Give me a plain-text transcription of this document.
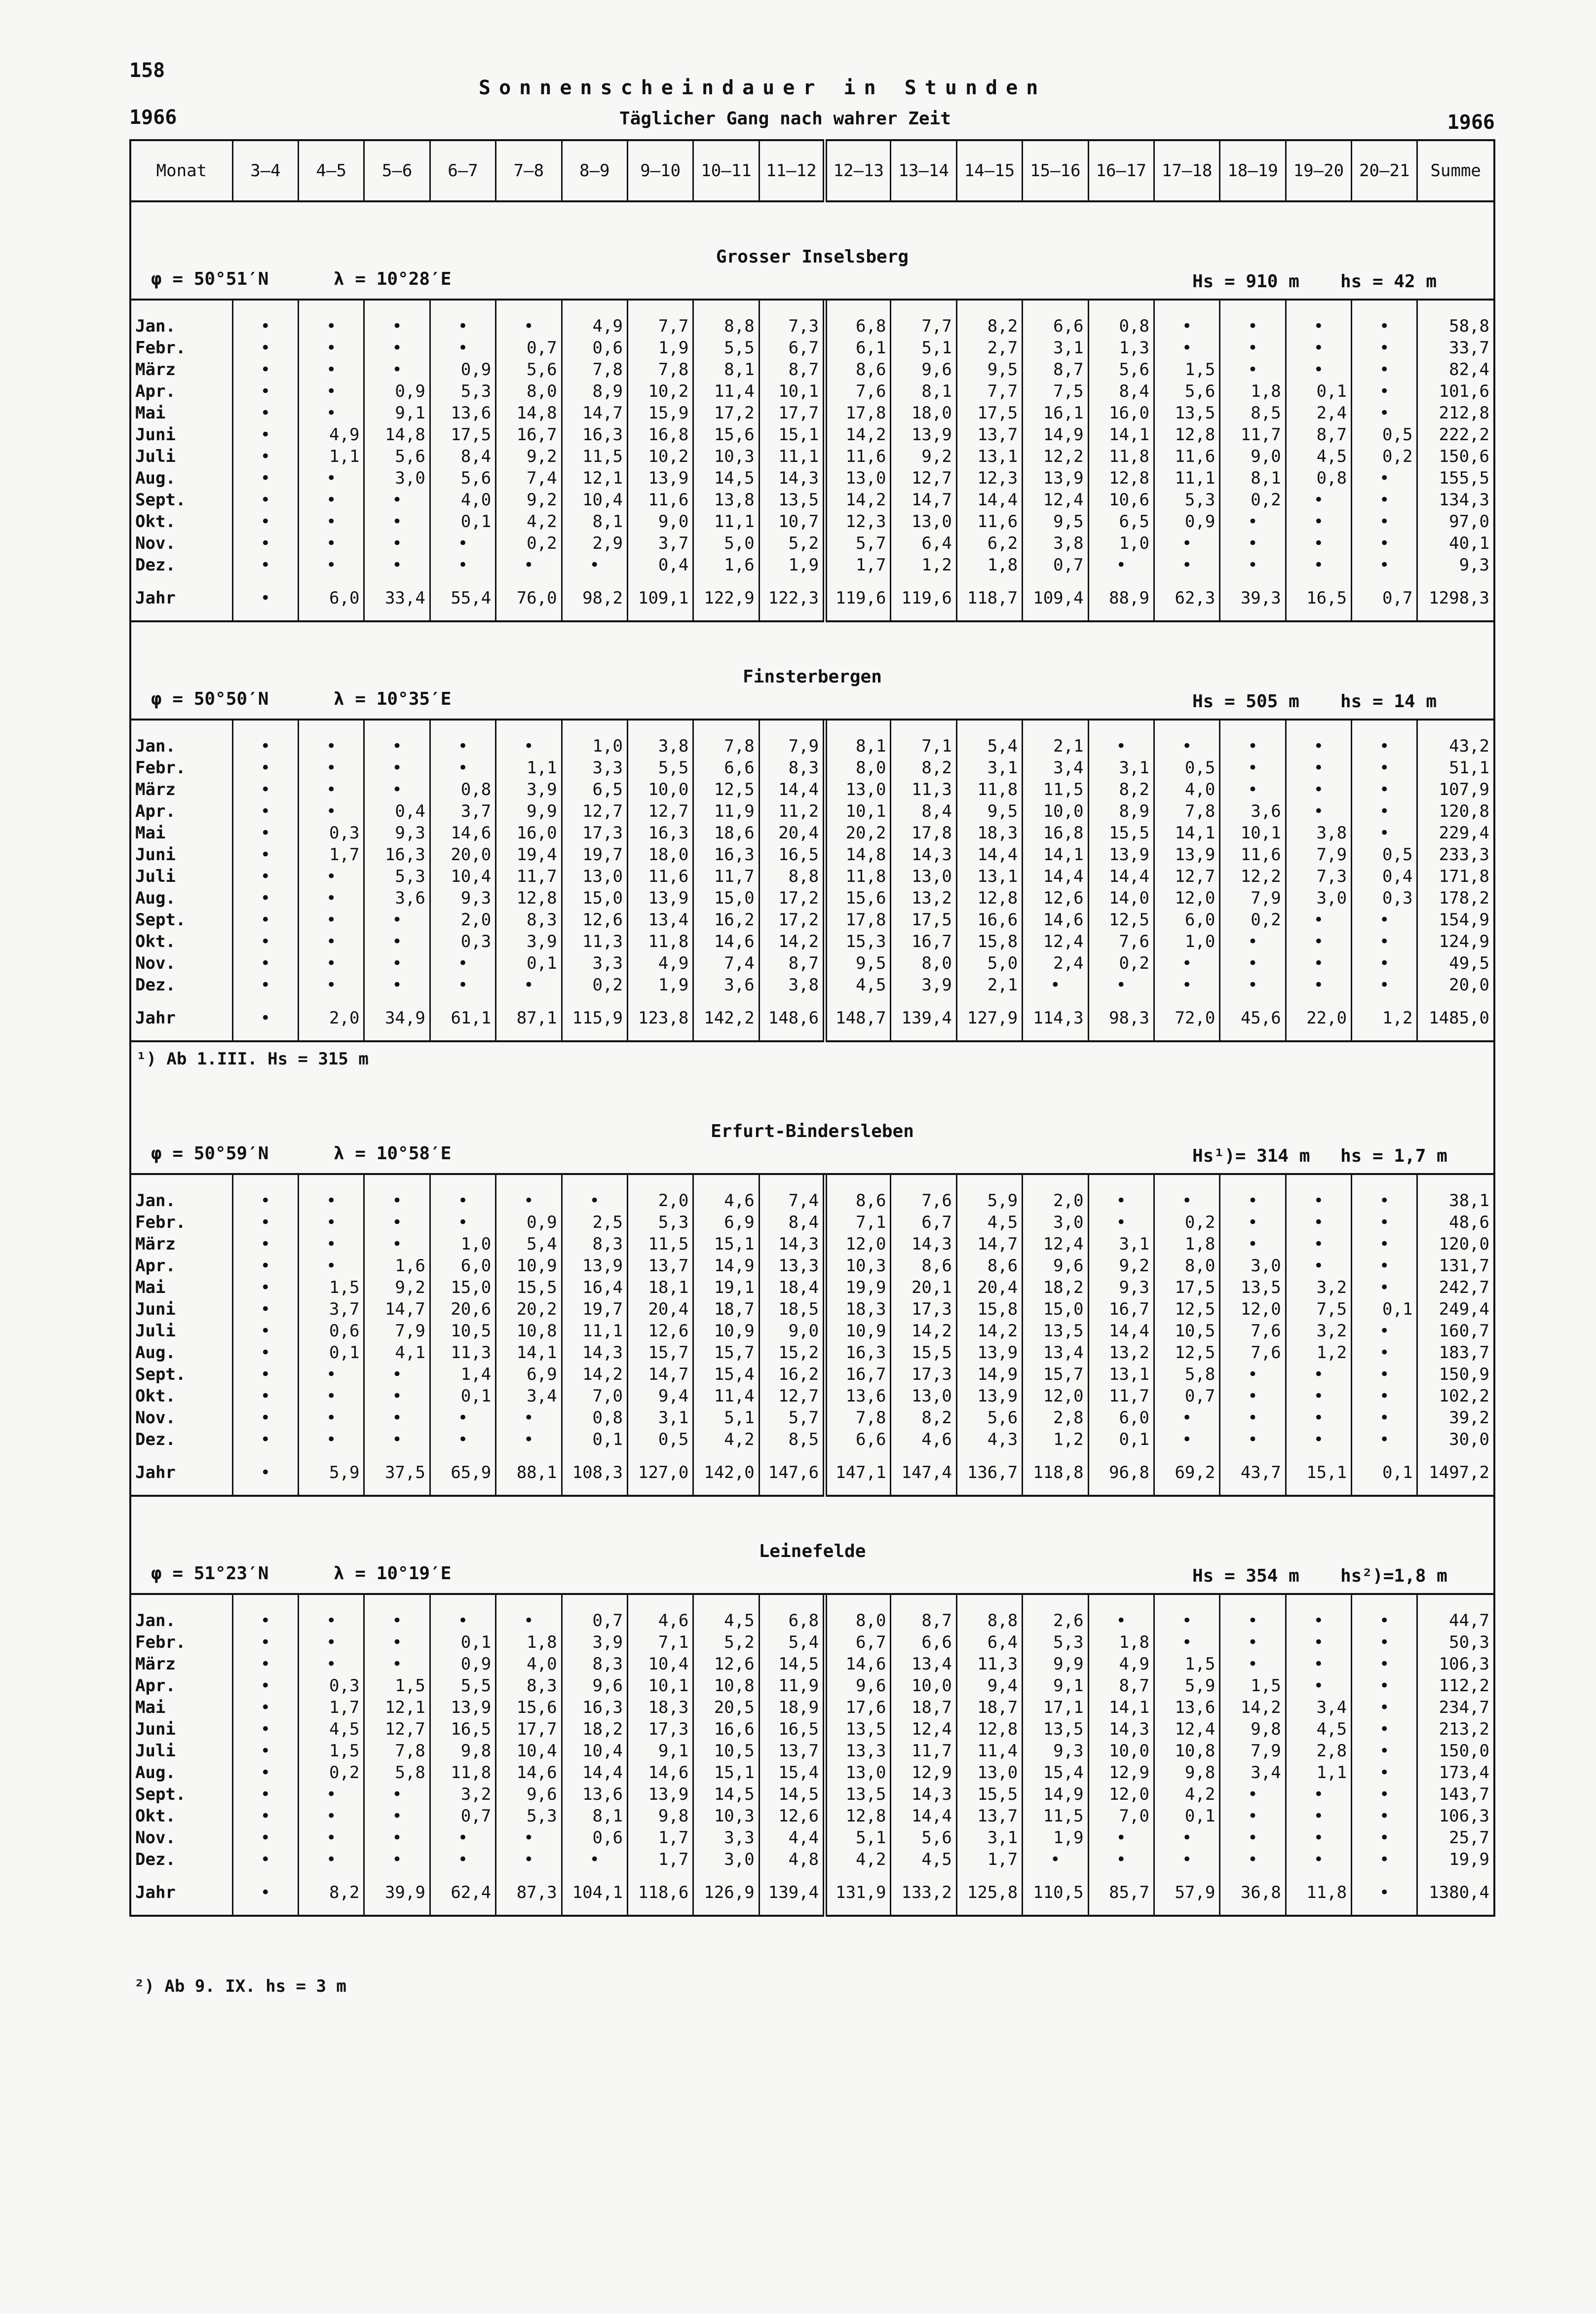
158
1966
Sonnenscheindauer in Stunden
Täglicher Gang nach wahrer Zeit	1966
Monat	3–4	4–5	5–6	6–7	7–8	8–9	9–10	10–11	11–12	12–13	13–14	14–15	15–16	16–17	17–18	18–19	19–20	20–21	Summe
Grosser Inselsberg
φ = 50°51′N	λ = 10°28′E	Hs = 910 m hs = 42 m

Jan.	•	•	•	•	•	4,9	7,7	8,8	7,3	6,8	7,7	8,2	6,6	0,8	•	•	•	•	58,8
Febr.	•	•	•	•	0,7	0,6	1,9	5,5	6,7	6,1	5,1	2,7	3,1	1,3	•	•	•	•	33,7
März	•	•	•	0,9	5,6	7,8	7,8	8,1	8,7	8,6	9,6	9,5	8,7	5,6	1,5	•	•	•	82,4
Apr.	•	•	0,9	5,3	8,0	8,9	10,2	11,4	10,1	7,6	8,1	7,7	7,5	8,4	5,6	1,8	0,1	•	101,6
Mai	•	•	9,1	13,6	14,8	14,7	15,9	17,2	17,7	17,8	18,0	17,5	16,1	16,0	13,5	8,5	2,4	•	212,8
Juni	•	4,9	14,8	17,5	16,7	16,3	16,8	15,6	15,1	14,2	13,9	13,7	14,9	14,1	12,8	11,7	8,7	0,5	222,2
Juli	•	1,1	5,6	8,4	9,2	11,5	10,2	10,3	11,1	11,6	9,2	13,1	12,2	11,8	11,6	9,0	4,5	0,2	150,6
Aug.	•	•	3,0	5,6	7,4	12,1	13,9	14,5	14,3	13,0	12,7	12,3	13,9	12,8	11,1	8,1	0,8	•	155,5
Sept.	•	•	•	4,0	9,2	10,4	11,6	13,8	13,5	14,2	14,7	14,4	12,4	10,6	5,3	0,2	•	•	134,3
Okt.	•	•	•	0,1	4,2	8,1	9,0	11,1	10,7	12,3	13,0	11,6	9,5	6,5	0,9	•	•	•	97,0
Nov.	•	•	•	•	0,2	2,9	3,7	5,0	5,2	5,7	6,4	6,2	3,8	1,0	•	•	•	•	40,1
Dez.	•	•	•	•	•	•	0,4	1,6	1,9	1,7	1,2	1,8	0,7	•	•	•	•	•	9,3
Jahr	•	6,0	33,4	55,4	76,0	98,2	109,1	122,9	122,3	119,6	119,6	118,7	109,4	88,9	62,3	39,3	16,5	0,7	1298,3
Finsterbergen
φ = 50°50′N	λ = 10°35′E	Hs = 505 m hs = 14 m

Jan.	•	•	•	•	•	1,0	3,8	7,8	7,9	8,1	7,1	5,4	2,1	•	•	•	•	•	43,2
Febr.	•	•	•	•	1,1	3,3	5,5	6,6	8,3	8,0	8,2	3,1	3,4	3,1	0,5	•	•	•	51,1
März	•	•	•	0,8	3,9	6,5	10,0	12,5	14,4	13,0	11,3	11,8	11,5	8,2	4,0	•	•	•	107,9
Apr.	•	•	0,4	3,7	9,9	12,7	12,7	11,9	11,2	10,1	8,4	9,5	10,0	8,9	7,8	3,6	•	•	120,8
Mai	•	0,3	9,3	14,6	16,0	17,3	16,3	18,6	20,4	20,2	17,8	18,3	16,8	15,5	14,1	10,1	3,8	•	229,4
Juni	•	1,7	16,3	20,0	19,4	19,7	18,0	16,3	16,5	14,8	14,3	14,4	14,1	13,9	13,9	11,6	7,9	0,5	233,3
Juli	•	•	5,3	10,4	11,7	13,0	11,6	11,7	8,8	11,8	13,0	13,1	14,4	14,4	12,7	12,2	7,3	0,4	171,8
Aug.	•	•	3,6	9,3	12,8	15,0	13,9	15,0	17,2	15,6	13,2	12,8	12,6	14,0	12,0	7,9	3,0	0,3	178,2
Sept.	•	•	•	2,0	8,3	12,6	13,4	16,2	17,2	17,8	17,5	16,6	14,6	12,5	6,0	0,2	•	•	154,9
Okt.	•	•	•	0,3	3,9	11,3	11,8	14,6	14,2	15,3	16,7	15,8	12,4	7,6	1,0	•	•	•	124,9
Nov.	•	•	•	•	0,1	3,3	4,9	7,4	8,7	9,5	8,0	5,0	2,4	0,2	•	•	•	•	49,5
Dez.	•	•	•	•	•	0,2	1,9	3,6	3,8	4,5	3,9	2,1	•	•	•	•	•	•	20,0
Jahr	•	2,0	34,9	61,1	87,1	115,9	123,8	142,2	148,6	148,7	139,4	127,9	114,3	98,3	72,0	45,6	22,0	1,2	1485,0
¹) Ab 1.III. Hs = 315 m
Erfurt-Bindersleben
φ = 50°59′N	λ = 10°58′E	Hs¹)= 314 m hs = 1,7 m

Jan.	•	•	•	•	•	•	2,0	4,6	7,4	8,6	7,6	5,9	2,0	•	•	•	•	•	38,1
Febr.	•	•	•	•	0,9	2,5	5,3	6,9	8,4	7,1	6,7	4,5	3,0	•	0,2	•	•	•	48,6
März	•	•	•	1,0	5,4	8,3	11,5	15,1	14,3	12,0	14,3	14,7	12,4	3,1	1,8	•	•	•	120,0
Apr.	•	•	1,6	6,0	10,9	13,9	13,7	14,9	13,3	10,3	8,6	8,6	9,6	9,2	8,0	3,0	•	•	131,7
Mai	•	1,5	9,2	15,0	15,5	16,4	18,1	19,1	18,4	19,9	20,1	20,4	18,2	9,3	17,5	13,5	3,2	•	242,7
Juni	•	3,7	14,7	20,6	20,2	19,7	20,4	18,7	18,5	18,3	17,3	15,8	15,0	16,7	12,5	12,0	7,5	0,1	249,4
Juli	•	0,6	7,9	10,5	10,8	11,1	12,6	10,9	9,0	10,9	14,2	14,2	13,5	14,4	10,5	7,6	3,2	•	160,7
Aug.	•	0,1	4,1	11,3	14,1	14,3	15,7	15,7	15,2	16,3	15,5	13,9	13,4	13,2	12,5	7,6	1,2	•	183,7
Sept.	•	•	•	1,4	6,9	14,2	14,7	15,4	16,2	16,7	17,3	14,9	15,7	13,1	5,8	•	•	•	150,9
Okt.	•	•	•	0,1	3,4	7,0	9,4	11,4	12,7	13,6	13,0	13,9	12,0	11,7	0,7	•	•	•	102,2
Nov.	•	•	•	•	•	0,8	3,1	5,1	5,7	7,8	8,2	5,6	2,8	6,0	•	•	•	•	39,2
Dez.	•	•	•	•	•	0,1	0,5	4,2	8,5	6,6	4,6	4,3	1,2	0,1	•	•	•	•	30,0
Jahr	•	5,9	37,5	65,9	88,1	108,3	127,0	142,0	147,6	147,1	147,4	136,7	118,8	96,8	69,2	43,7	15,1	0,1	1497,2
Leinefelde
φ = 51°23′N	λ = 10°19′E	Hs = 354 m hs²)=1,8 m

Jan.	•	•	•	•	•	0,7	4,6	4,5	6,8	8,0	8,7	8,8	2,6	•	•	•	•	•	44,7
Febr.	•	•	•	0,1	1,8	3,9	7,1	5,2	5,4	6,7	6,6	6,4	5,3	1,8	•	•	•	•	50,3
März	•	•	•	0,9	4,0	8,3	10,4	12,6	14,5	14,6	13,4	11,3	9,9	4,9	1,5	•	•	•	106,3
Apr.	•	0,3	1,5	5,5	8,3	9,6	10,1	10,8	11,9	9,6	10,0	9,4	9,1	8,7	5,9	1,5	•	•	112,2
Mai	•	1,7	12,1	13,9	15,6	16,3	18,3	20,5	18,9	17,6	18,7	18,7	17,1	14,1	13,6	14,2	3,4	•	234,7
Juni	•	4,5	12,7	16,5	17,7	18,2	17,3	16,6	16,5	13,5	12,4	12,8	13,5	14,3	12,4	9,8	4,5	•	213,2
Juli	•	1,5	7,8	9,8	10,4	10,4	9,1	10,5	13,7	13,3	11,7	11,4	9,3	10,0	10,8	7,9	2,8	•	150,0
Aug.	•	0,2	5,8	11,8	14,6	14,4	14,6	15,1	15,4	13,0	12,9	13,0	15,4	12,9	9,8	3,4	1,1	•	173,4
Sept.	•	•	•	3,2	9,6	13,6	13,9	14,5	14,5	13,5	14,3	15,5	14,9	12,0	4,2	•	•	•	143,7
Okt.	•	•	•	0,7	5,3	8,1	9,8	10,3	12,6	12,8	14,4	13,7	11,5	7,0	0,1	•	•	•	106,3
Nov.	•	•	•	•	•	0,6	1,7	3,3	4,4	5,1	5,6	3,1	1,9	•	•	•	•	•	25,7
Dez.	•	•	•	•	•	•	1,7	3,0	4,8	4,2	4,5	1,7	•	•	•	•	•	•	19,9
Jahr	•	8,2	39,9	62,4	87,3	104,1	118,6	126,9	139,4	131,9	133,2	125,8	110,5	85,7	57,9	36,8	11,8	•	1380,4
²) Ab 9. IX. hs = 3 m
